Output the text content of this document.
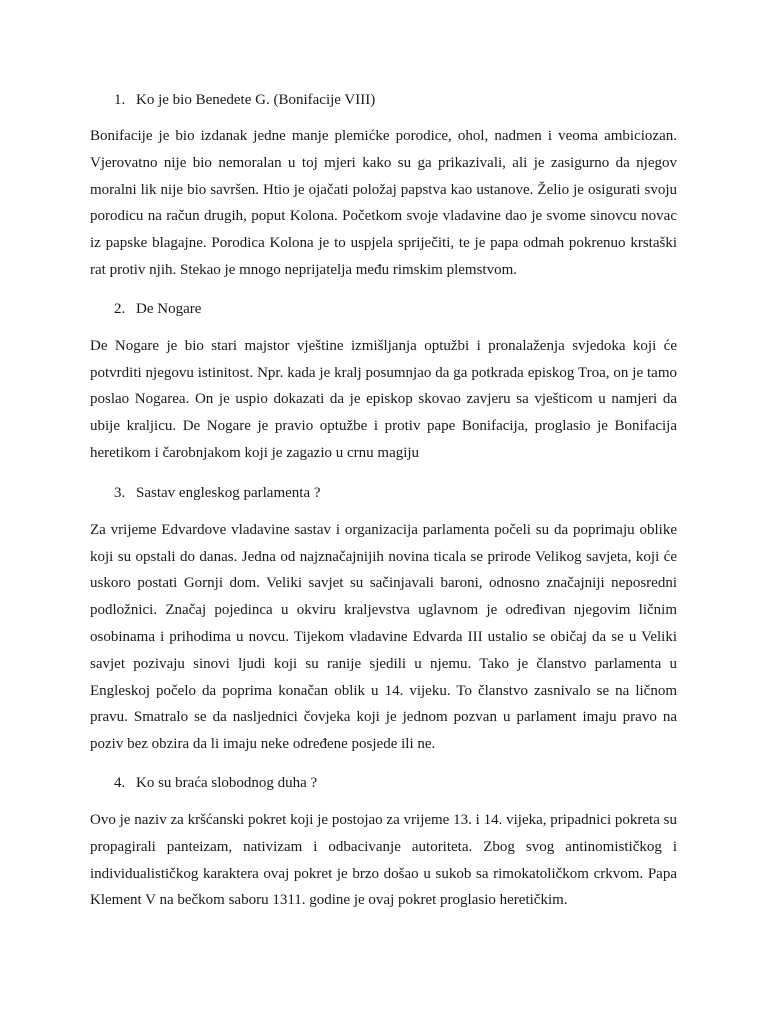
1. Ko je bio Benedete G. (Bonifacije VIII)

Bonifacije je bio izdanak jedne manje plemićke porodice, ohol, nadmen i veoma ambiciozan. Vjerovatno nije bio nemoralan u toj mjeri kako su ga prikazivali, ali je zasigurno da njegov moralni lik nije bio savršen. Htio je ojačati položaj papstva kao ustanove. Želio je osigurati svoju porodicu na račun drugih, poput Kolona. Početkom svoje vladavine dao je svome sinovcu novac iz papske blagajne. Porodica Kolona je to uspjela spriječiti, te je papa odmah pokrenuo krstaški rat protiv njih. Stekao je mnogo neprijatelja među rimskim plemstvom.

2. De Nogare

De Nogare je bio stari majstor vještine izmišljanja optužbi i pronalaženja svjedoka koji će potvrditi njegovu istinitost. Npr. kada je kralj posumnjao da ga potkrada episkog Troa, on je tamo poslao Nogarea. On je uspio dokazati da je episkop skovao zavjeru sa vješticom u namjeri da ubije kraljicu. De Nogare je pravio optužbe i protiv pape Bonifacija, proglasio je Bonifacija heretikom i čarobnjakom koji je zagazio u crnu magiju

3. Sastav engleskog parlamenta ?

Za vrijeme Edvardove vladavine sastav i organizacija parlamenta počeli su da poprimaju oblike koji su opstali do danas. Jedna od najznačajnijih novina ticala se prirode Velikog savjeta, koji će uskoro postati Gornji dom. Veliki savjet su sačinjavali baroni, odnosno značajniji neposredni podložnici. Značaj pojedinca u okviru kraljevstva uglavnom je određivan njegovim ličnim osobinama i prihodima u novcu. Tijekom vladavine Edvarda III ustalio se običaj da se u Veliki savjet pozivaju sinovi ljudi koji su ranije sjedili u njemu. Tako je članstvo parlamenta u Engleskoj počelo da poprima konačan oblik u 14. vijeku. To članstvo zasnivalo se na ličnom pravu. Smatralo se da nasljednici čovjeka koji je jednom pozvan u parlament imaju pravo na poziv bez obzira da li imaju neke određene posjede ili ne.

4. Ko su braća slobodnog duha ?

Ovo je naziv za kršćanski pokret koji je postojao za vrijeme 13. i 14. vijeka, pripadnici pokreta su propagirali panteizam, nativizam i odbacivanje autoriteta. Zbog svog antinomističkog i individualističkog karaktera ovaj pokret je brzo došao u sukob sa rimokatoličkom crkvom. Papa Klement V na bečkom saboru 1311. godine je ovaj pokret proglasio heretičkim.
